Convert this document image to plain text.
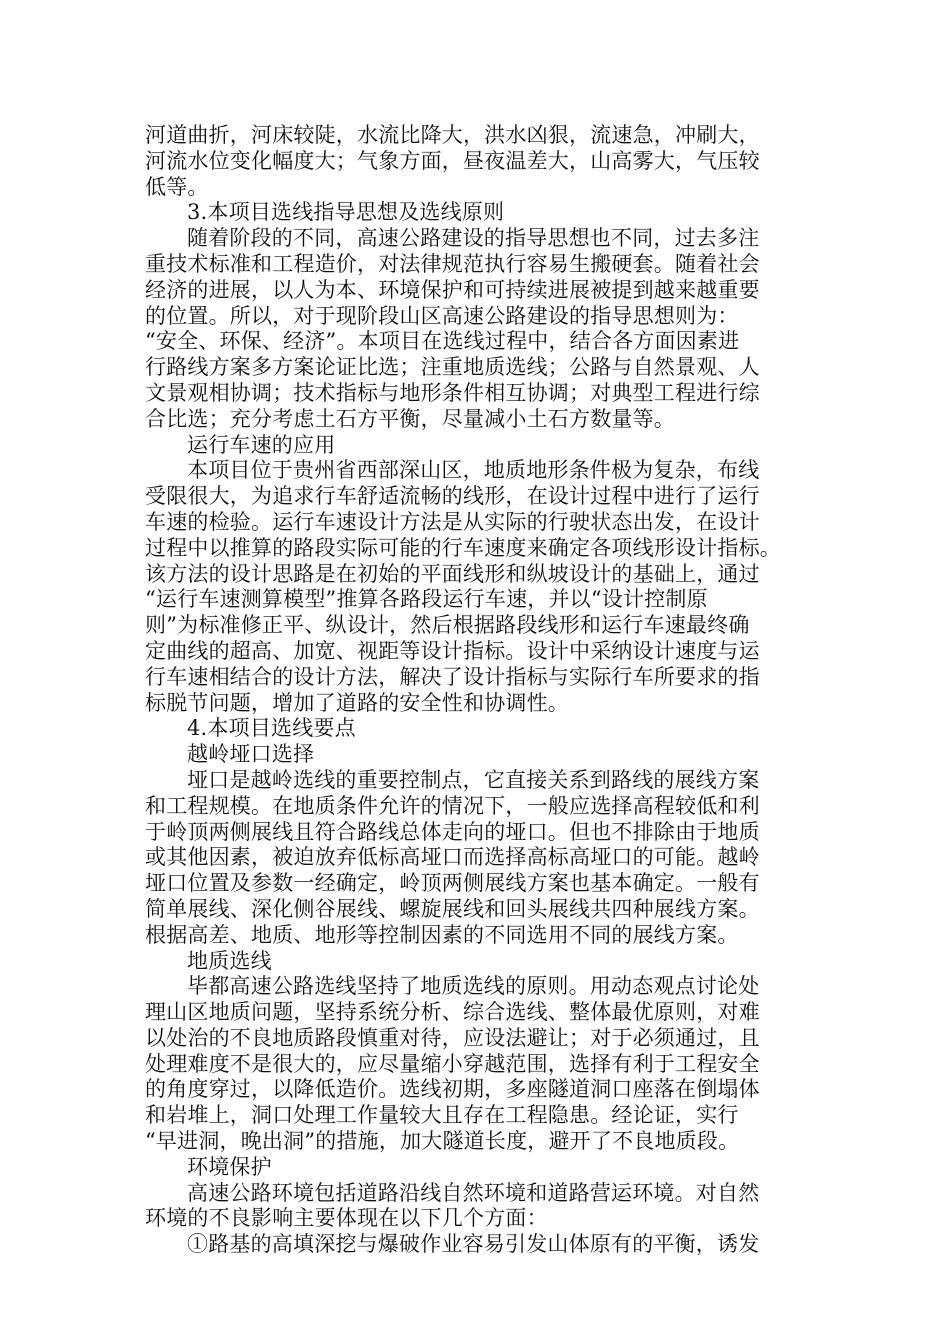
河道曲折，河床较陡，水流比降大，洪水凶狠，流速急，冲刷大，
河流水位变化幅度大；气象方面，昼夜温差大，山高雾大，气压较
低等。
3.本项目选线指导思想及选线原则
随着阶段的不同，高速公路建设的指导思想也不同，过去多注
重技术标准和工程造价，对法律规范执行容易生搬硬套。随着社会
经济的进展，以人为本、环境保护和可持续进展被提到越来越重要
的位置。所以，对于现阶段山区高速公路建设的指导思想则为：
“安全、环保、经济”。本项目在选线过程中，结合各方面因素进
行路线方案多方案论证比选；注重地质选线；公路与自然景观、人
文景观相协调；技术指标与地形条件相互协调；对典型工程进行综
合比选；充分考虑土石方平衡，尽量减小土石方数量等。
运行车速的应用
本项目位于贵州省西部深山区，地质地形条件极为复杂，布线
受限很大，为追求行车舒适流畅的线形，在设计过程中进行了运行
车速的检验。运行车速设计方法是从实际的行驶状态出发，在设计
过程中以推算的路段实际可能的行车速度来确定各项线形设计指标。
该方法的设计思路是在初始的平面线形和纵坡设计的基础上，通过
“运行车速测算模型”推算各路段运行车速，并以“设计控制原
则”为标准修正平、纵设计，然后根据路段线形和运行车速最终确
定曲线的超高、加宽、视距等设计指标。设计中采纳设计速度与运
行车速相结合的设计方法，解决了设计指标与实际行车所要求的指
标脱节问题，增加了道路的安全性和协调性。
4.本项目选线要点
越岭垭口选择
垭口是越岭选线的重要控制点，它直接关系到路线的展线方案
和工程规模。在地质条件允许的情况下，一般应选择高程较低和利
于岭顶两侧展线且符合路线总体走向的垭口。但也不排除由于地质
或其他因素，被迫放弃低标高垭口而选择高标高垭口的可能。越岭
垭口位置及参数一经确定，岭顶两侧展线方案也基本确定。一般有
简单展线、深化侧谷展线、螺旋展线和回头展线共四种展线方案。
根据高差、地质、地形等控制因素的不同选用不同的展线方案。
地质选线
毕都高速公路选线坚持了地质选线的原则。用动态观点讨论处
理山区地质问题，坚持系统分析、综合选线、整体最优原则，对难
以处治的不良地质路段慎重对待，应设法避让；对于必须通过，且
处理难度不是很大的，应尽量缩小穿越范围，选择有利于工程安全
的角度穿过，以降低造价。选线初期，多座隧道洞口座落在倒塌体
和岩堆上，洞口处理工作量较大且存在工程隐患。经论证，实行
“早进洞，晚出洞”的措施，加大隧道长度，避开了不良地质段。
环境保护
高速公路环境包括道路沿线自然环境和道路营运环境。对自然
环境的不良影响主要体现在以下几个方面：
①路基的高填深挖与爆破作业容易引发山体原有的平衡，诱发
